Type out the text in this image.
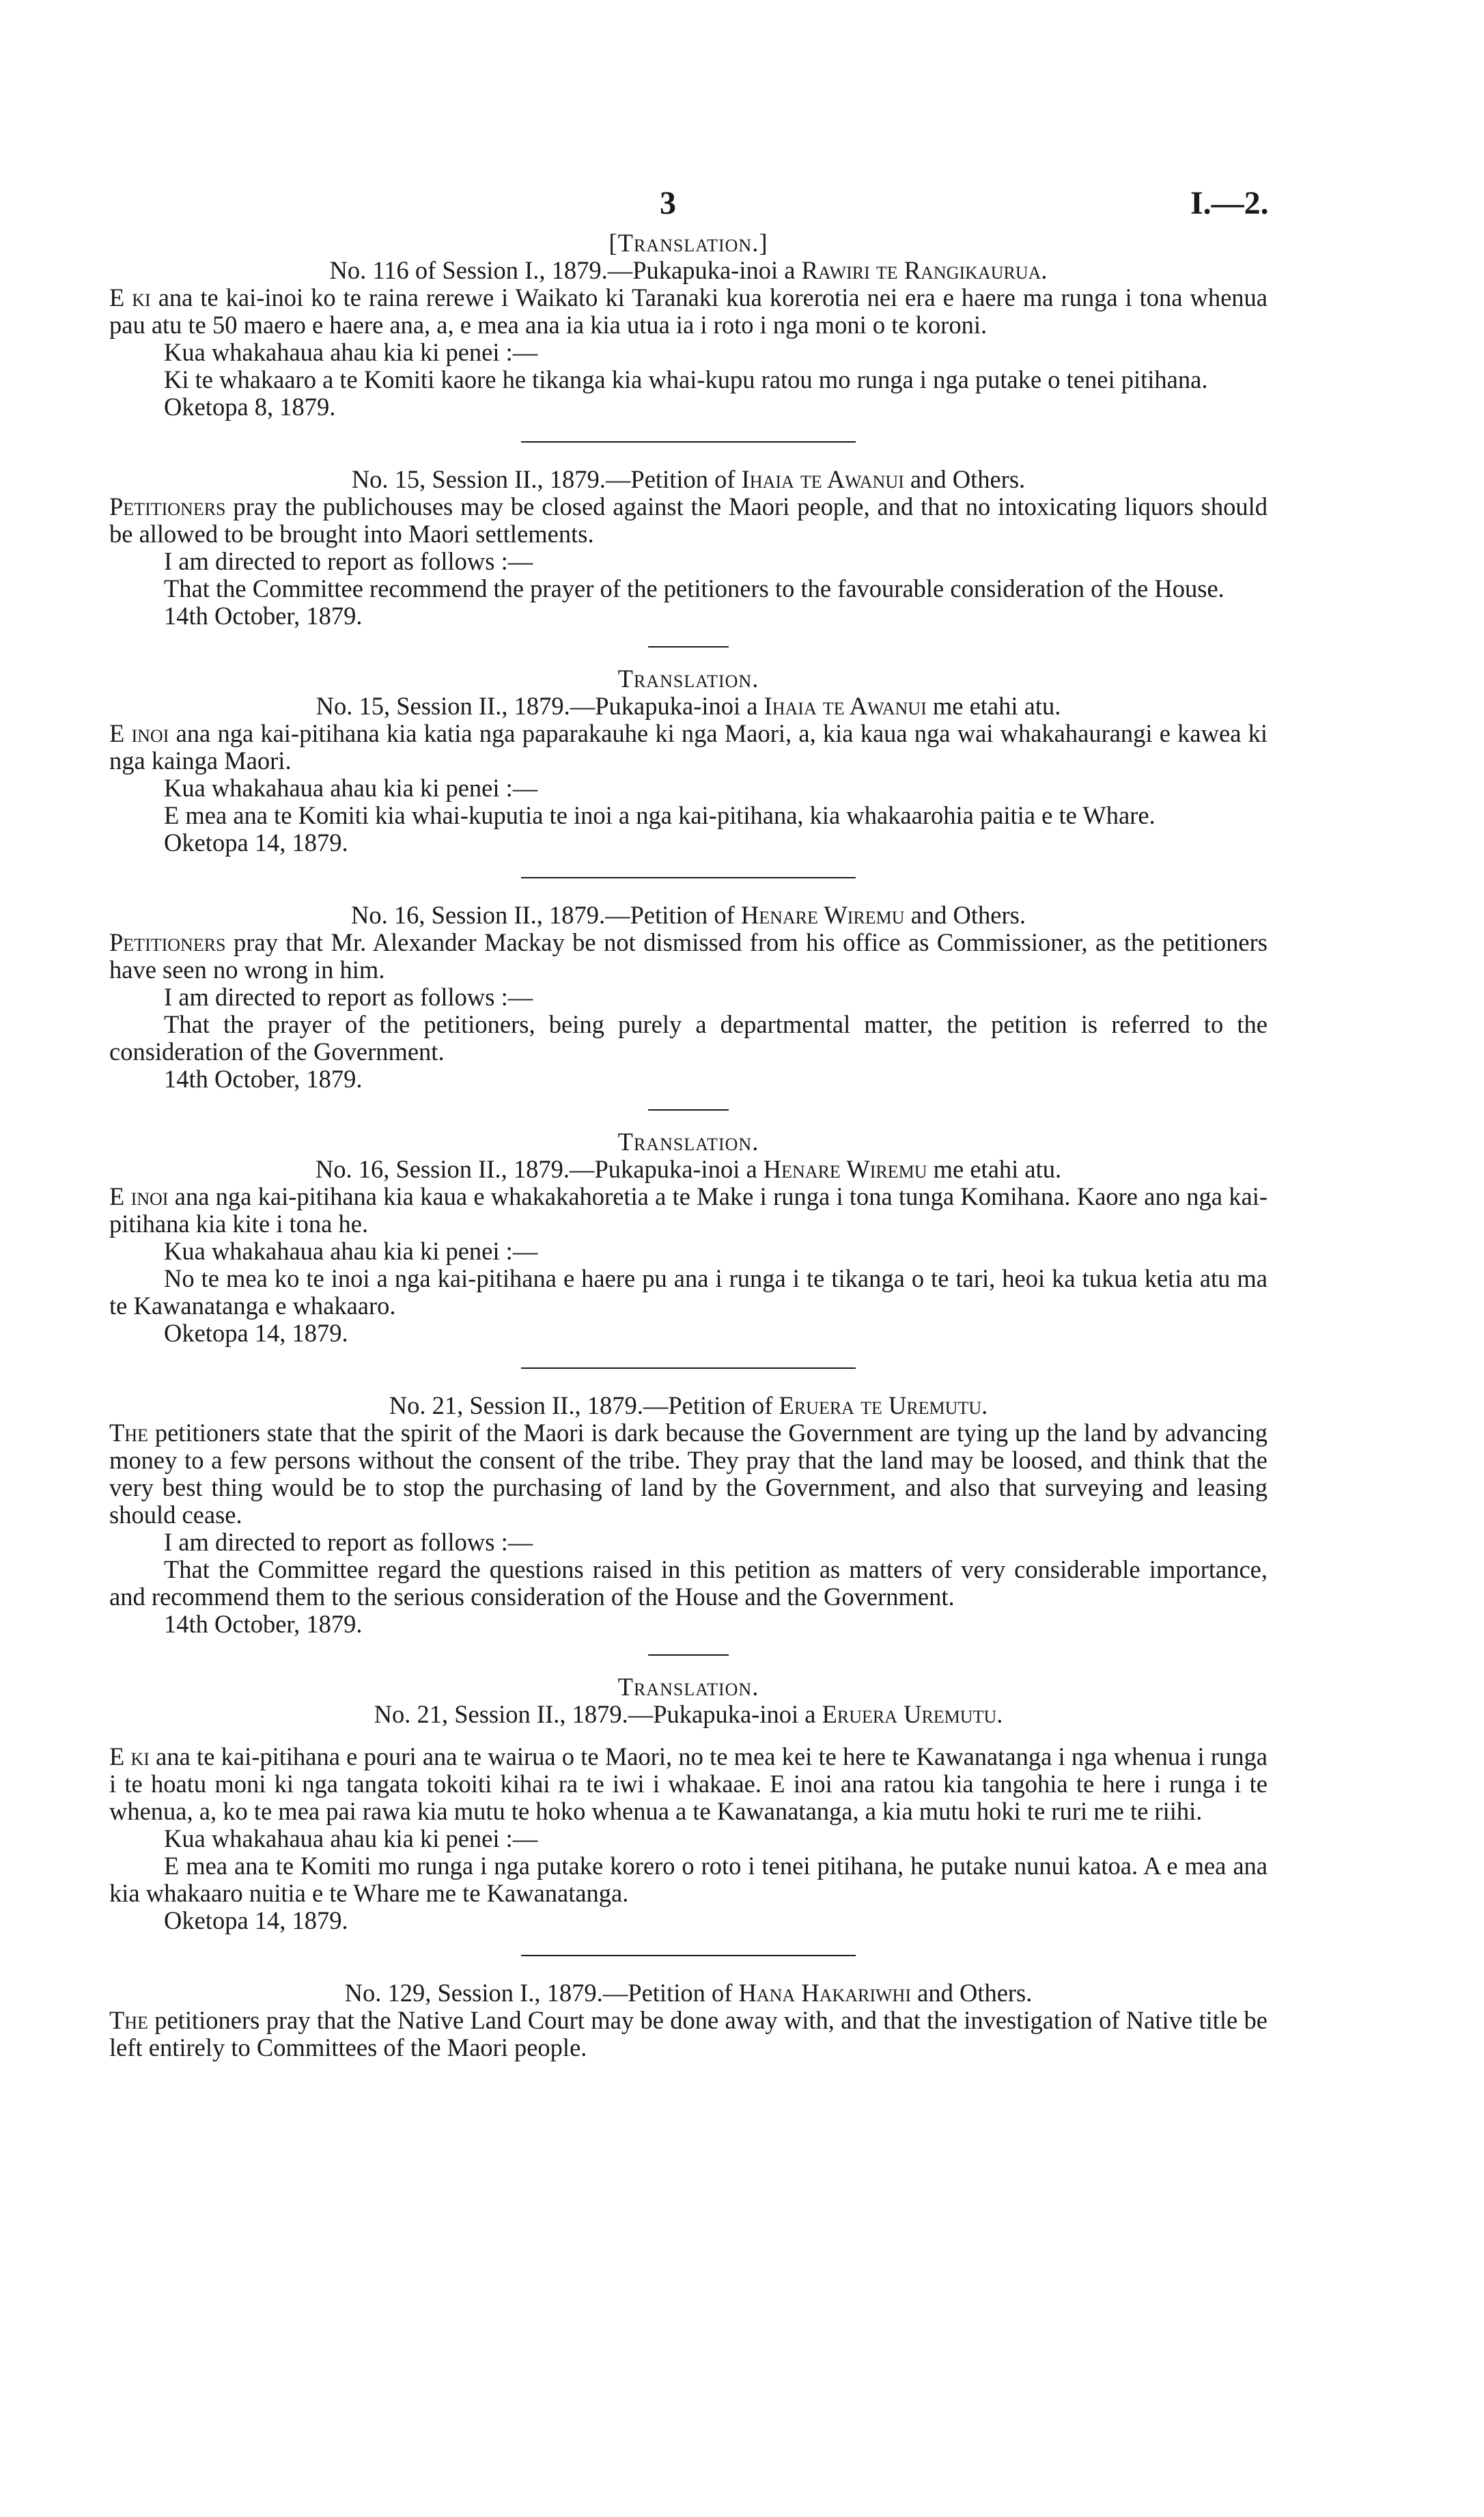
3	I.—2.
[Translation.]
No. 116 of Session I., 1879.—Pukapuka-inoi a Rawiri te Rangikaurua.

E ki ana te kai-inoi ko te raina rerewe i Waikato ki Taranaki kua korerotia nei era e haere ma runga i tona whenua pau atu te 50 maero e haere ana, a, e mea ana ia kia utua ia i roto i nga moni o te koroni.

Kua whakahaua ahau kia ki penei :—

Ki te whakaaro a te Komiti kaore he tikanga kia whai-kupu ratou mo runga i nga putake o tenei pitihana.

Oketopa 8, 1879.

No. 15, Session II., 1879.—Petition of Ihaia te Awanui and Others.

Petitioners pray the publichouses may be closed against the Maori people, and that no intoxicating liquors should be allowed to be brought into Maori settlements.

I am directed to report as follows :—

That the Committee recommend the prayer of the petitioners to the favourable consideration of the House.

14th October, 1879.

Translation.
No. 15, Session II., 1879.—Pukapuka-inoi a Ihaia te Awanui me etahi atu.

E inoi ana nga kai-pitihana kia katia nga paparakauhe ki nga Maori, a, kia kaua nga wai whakahaurangi e kawea ki nga kainga Maori.

Kua whakahaua ahau kia ki penei :—

E mea ana te Komiti kia whai-kuputia te inoi a nga kai-pitihana, kia whakaarohia paitia e te Whare.

Oketopa 14, 1879.

No. 16, Session II., 1879.—Petition of Henare Wiremu and Others.

Petitioners pray that Mr. Alexander Mackay be not dismissed from his office as Commissioner, as the petitioners have seen no wrong in him.

I am directed to report as follows :—

That the prayer of the petitioners, being purely a departmental matter, the petition is referred to the consideration of the Government.

14th October, 1879.

Translation.
No. 16, Session II., 1879.—Pukapuka-inoi a Henare Wiremu me etahi atu.

E inoi ana nga kai-pitihana kia kaua e whakakahoretia a te Make i runga i tona tunga Komihana. Kaore ano nga kai-pitihana kia kite i tona he.

Kua whakahaua ahau kia ki penei :—

No te mea ko te inoi a nga kai-pitihana e haere pu ana i runga i te tikanga o te tari, heoi ka tukua ketia atu ma te Kawanatanga e whakaaro.

Oketopa 14, 1879.

No. 21, Session II., 1879.—Petition of Eruera te Uremutu.

The petitioners state that the spirit of the Maori is dark because the Government are tying up the land by advancing money to a few persons without the consent of the tribe. They pray that the land may be loosed, and think that the very best thing would be to stop the purchasing of land by the Government, and also that surveying and leasing should cease.

I am directed to report as follows :—

That the Committee regard the questions raised in this petition as matters of very considerable importance, and recommend them to the serious consideration of the House and the Government.

14th October, 1879.

Translation.
No. 21, Session II., 1879.—Pukapuka-inoi a Eruera Uremutu.

E ki ana te kai-pitihana e pouri ana te wairua o te Maori, no te mea kei te here te Kawanatanga i nga whenua i runga i te hoatu moni ki nga tangata tokoiti kihai ra te iwi i whakaae. E inoi ana ratou kia tangohia te here i runga i te whenua, a, ko te mea pai rawa kia mutu te hoko whenua a te Kawanatanga, a kia mutu hoki te ruri me te riihi.

Kua whakahaua ahau kia ki penei :—

E mea ana te Komiti mo runga i nga putake korero o roto i tenei pitihana, he putake nunui katoa. A e mea ana kia whakaaro nuitia e te Whare me te Kawanatanga.

Oketopa 14, 1879.

No. 129, Session I., 1879.—Petition of Hana Hakariwhi and Others.

The petitioners pray that the Native Land Court may be done away with, and that the investigation of Native title be left entirely to Committees of the Maori people.
